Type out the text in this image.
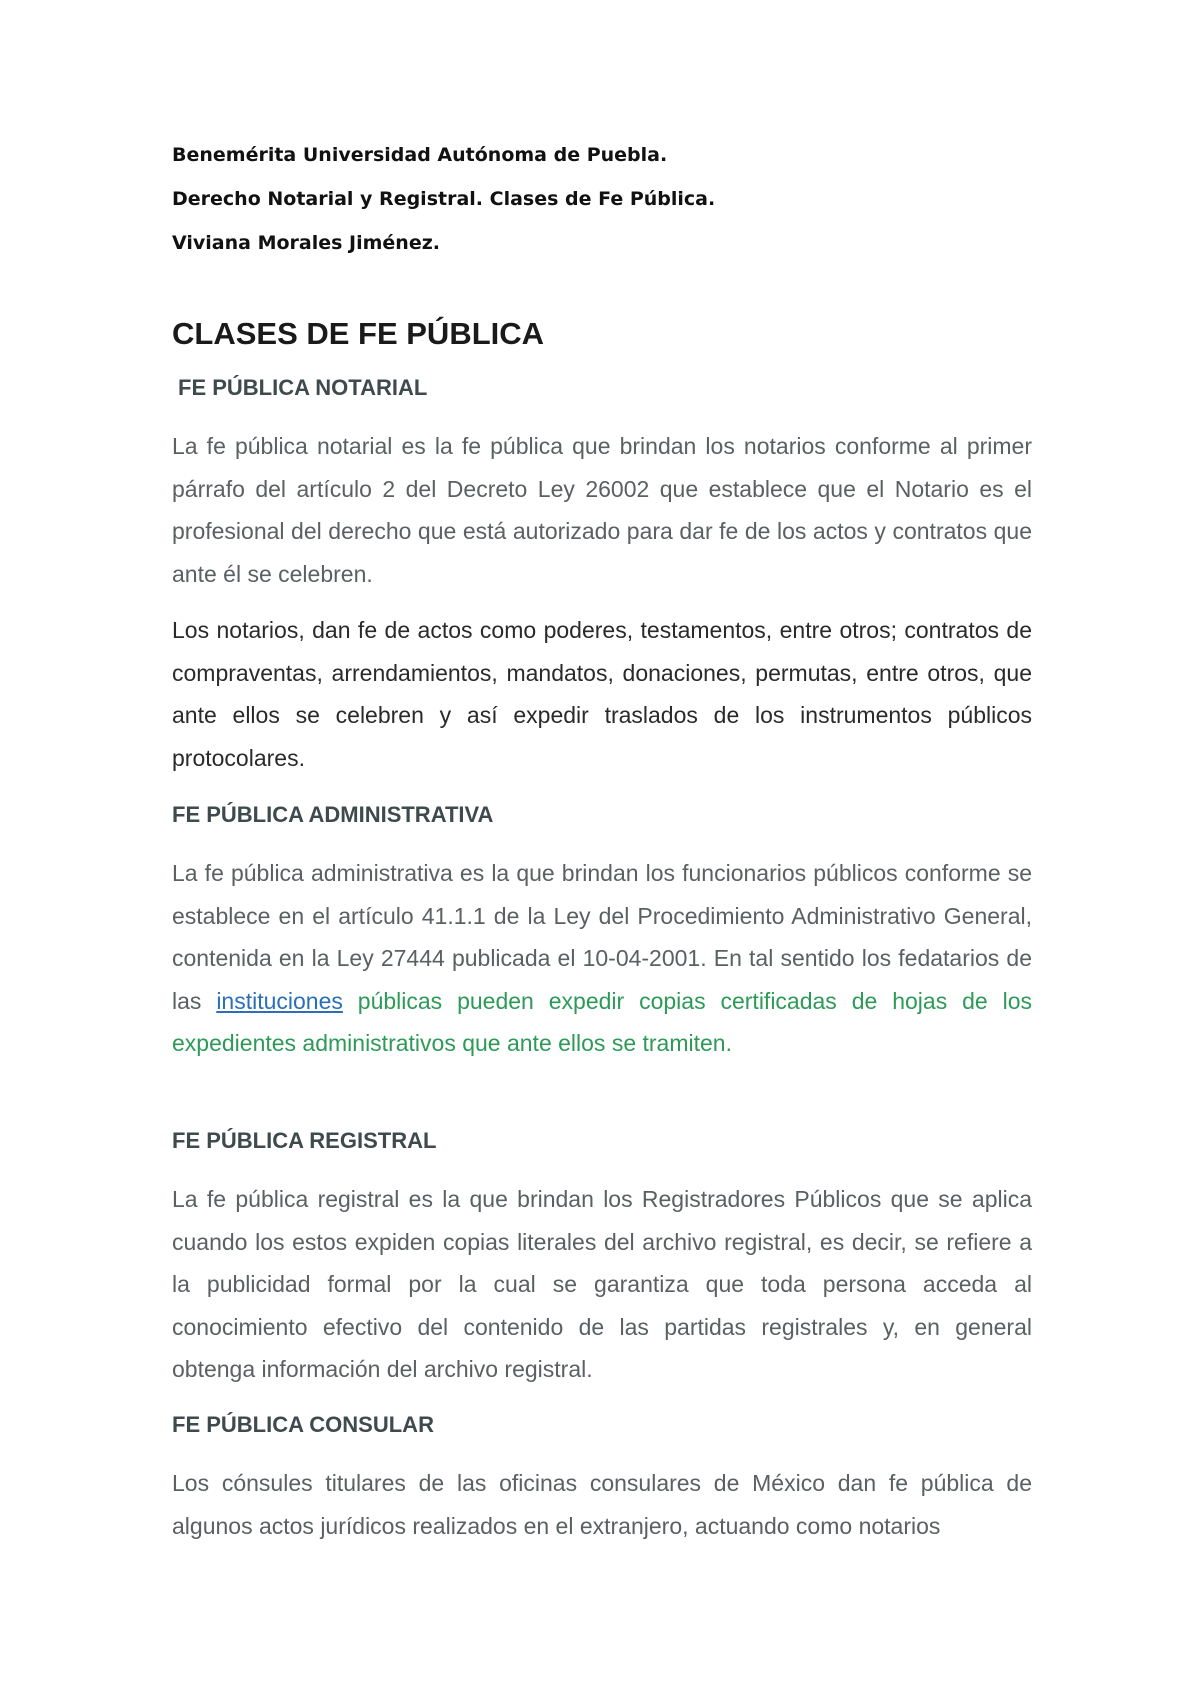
Benemérita Universidad Autónoma de Puebla.
Derecho Notarial y Registral. Clases de Fe Pública.
Viviana Morales Jiménez.
CLASES DE FE PÚBLICA
FE PÚBLICA NOTARIAL

La fe pública notarial es la fe pública que brindan los notarios conforme al primer párrafo del artículo 2 del Decreto Ley 26002 que establece que el Notario es el profesional del derecho que está autorizado para dar fe de los actos y contratos que ante él se celebren.

Los notarios, dan fe de actos como poderes, testamentos, entre otros; contratos de compraventas, arrendamientos, mandatos, donaciones, permutas, entre otros, que ante ellos se celebren y así expedir traslados de los instrumentos públicos protocolares.

FE PÚBLICA ADMINISTRATIVA

La fe pública administrativa es la que brindan los funcionarios públicos conforme se establece en el artículo 41.1.1 de la Ley del Procedimiento Administrativo General, contenida en la Ley 27444 publicada el 10-04-2001. En tal sentido los fedatarios de las instituciones públicas pueden expedir copias certificadas de hojas de los expedientes administrativos que ante ellos se tramiten.

FE PÚBLICA REGISTRAL

La fe pública registral es la que brindan los Registradores Públicos que se aplica cuando los estos expiden copias literales del archivo registral, es decir, se refiere a la publicidad formal por la cual se garantiza que toda persona acceda al conocimiento efectivo del contenido de las partidas registrales y, en general obtenga información del archivo registral.

FE PÚBLICA CONSULAR

Los cónsules titulares de las oficinas consulares de México dan fe pública de algunos actos jurídicos realizados en el extranjero, actuando como notarios
